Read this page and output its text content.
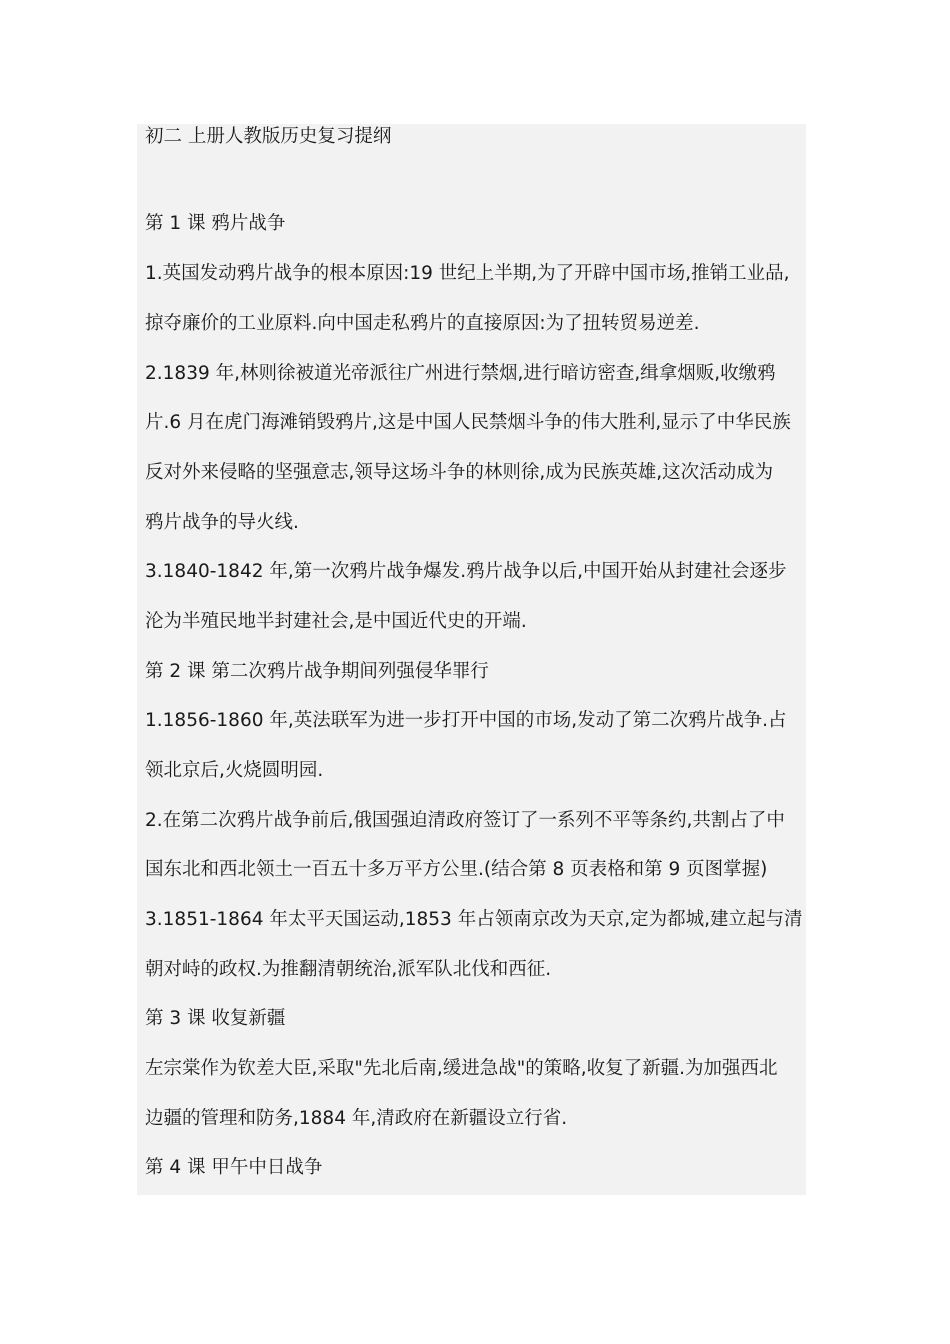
初二 上册人教版历史复习提纲
第 1 课 鸦片战争
1.英国发动鸦片战争的根本原因:19 世纪上半期,为了开辟中国市场,推销工业品,
掠夺廉价的工业原料.向中国走私鸦片的直接原因:为了扭转贸易逆差.
2.1839 年,林则徐被道光帝派往广州进行禁烟,进行暗访密查,缉拿烟贩,收缴鸦
片.6 月在虎门海滩销毁鸦片,这是中国人民禁烟斗争的伟大胜利,显示了中华民族
反对外来侵略的坚强意志,领导这场斗争的林则徐,成为民族英雄,这次活动成为
鸦片战争的导火线.
3.1840-1842 年,第一次鸦片战争爆发.鸦片战争以后,中国开始从封建社会逐步
沦为半殖民地半封建社会,是中国近代史的开端.
第 2 课 第二次鸦片战争期间列强侵华罪行
1.1856-1860 年,英法联军为进一步打开中国的市场,发动了第二次鸦片战争.占
领北京后,火烧圆明园.
2.在第二次鸦片战争前后,俄国强迫清政府签订了一系列不平等条约,共割占了中
国东北和西北领土一百五十多万平方公里.(结合第 8 页表格和第 9 页图掌握)
3.1851-1864 年太平天国运动,1853 年占领南京改为天京,定为都城,建立起与清
朝对峙的政权.为推翻清朝统治,派军队北伐和西征.
第 3 课 收复新疆
左宗棠作为钦差大臣,采取"先北后南,缓进急战"的策略,收复了新疆.为加强西北
边疆的管理和防务,1884 年,清政府在新疆设立行省.
第 4 课 甲午中日战争
